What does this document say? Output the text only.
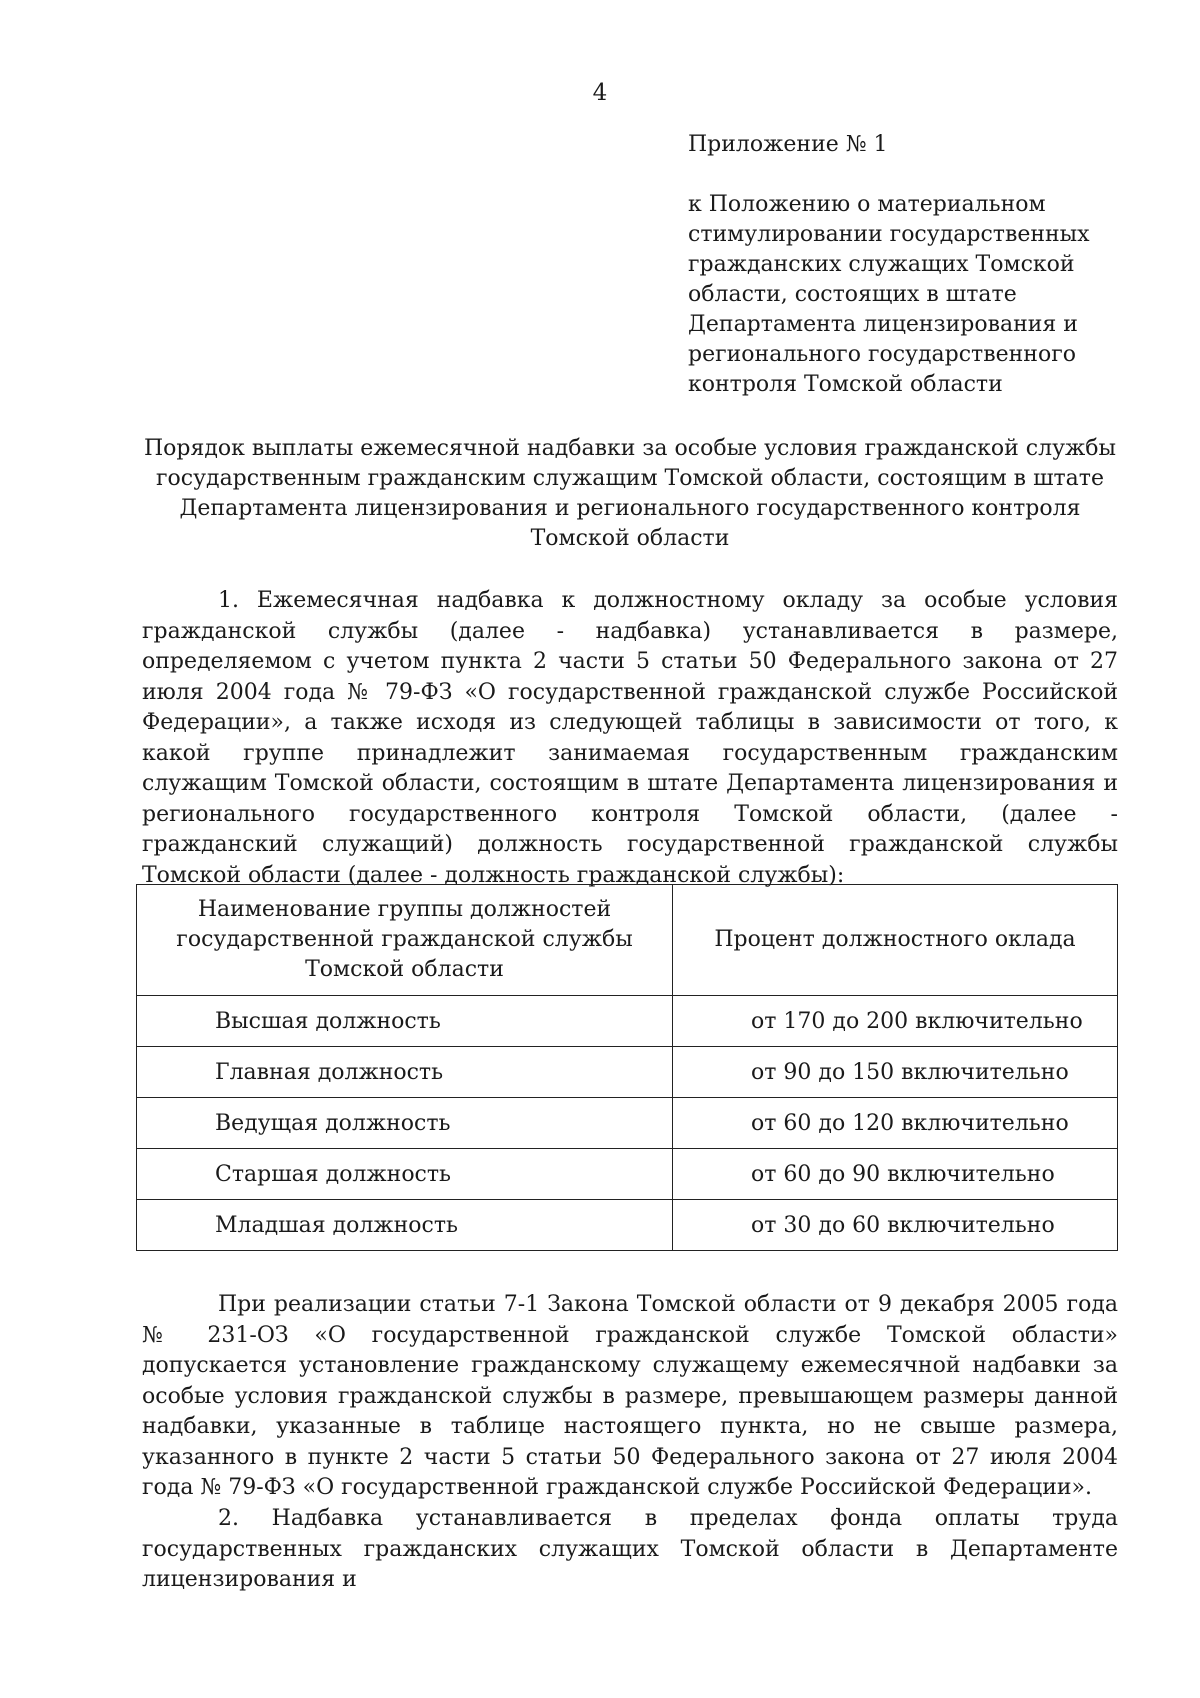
4
Приложение № 1
к Положению о материальном стимулировании государственных гражданских служащих Томской области, состоящих в штате Департамента лицензирования и регионального государственного контроля Томской области
Порядок выплаты ежемесячной надбавки за особые условия гражданской службы
государственным гражданским служащим Томской области, состоящим в штате
Департамента лицензирования и регионального государственного контроля
Томской области
1. Ежемесячная надбавка к должностному окладу за особые условия гражданской службы (далее - надбавка) устанавливается в размере, определяемом с учетом пункта 2 части 5 статьи 50 Федерального закона от 27 июля 2004 года № 79-ФЗ «О государственной гражданской службе Российской Федерации», а также исходя из следующей таблицы в зависимости от того, к какой группе принадлежит занимаемая государственным гражданским служащим Томской области, состоящим в штате Департамента лицензирования и регионального государственного контроля Томской области, (далее - гражданский служащий) должность государственной гражданской службы Томской области (далее - должность гражданской службы):
Наименование группы должностей
государственной гражданской службы
Томской области	Процент должностного оклада
Высшая должность	от 170 до 200 включительно
Главная должность	от 90 до 150 включительно
Ведущая должность	от 60 до 120 включительно
Старшая должность	от 60 до 90 включительно
Младшая должность	от 30 до 60 включительно
При реализации статьи 7-1 Закона Томской области от 9 декабря 2005 года № 231-ОЗ «О государственной гражданской службе Томской области» допускается установление гражданскому служащему ежемесячной надбавки за особые условия гражданской службы в размере, превышающем размеры данной надбавки, указанные в таблице настоящего пункта, но не свыше размера, указанного в пункте 2 части 5 статьи 50 Федерального закона от 27 июля 2004 года № 79-ФЗ «О государственной гражданской службе Российской Федерации».
2. Надбавка устанавливается в пределах фонда оплаты труда государственных гражданских служащих Томской области в Департаменте лицензирования и
